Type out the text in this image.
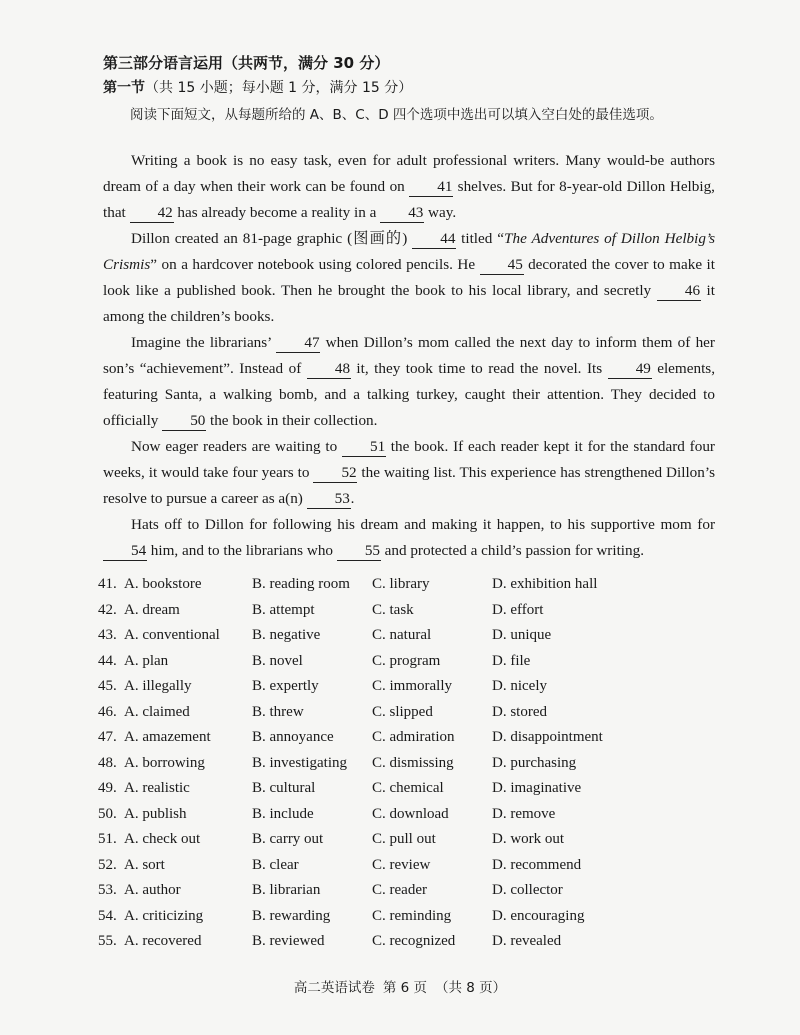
第三部分语言运用（共两节，满分 30 分）
第一节（共 15 小题；每小题 1 分，满分 15 分）
阅读下面短文，从每题所给的 A、B、C、D 四个选项中选出可以填入空白处的最佳选项。

Writing a book is no easy task, even for adult professional writers. Many would-be authors dream of a day when their work can be found on 41 shelves. But for 8-year-old Dillon Helbig, that 42 has already become a reality in a 43 way.

Dillon created an 81-page graphic (图画的) 44 titled “The Adventures of Dillon Helbig’s Crismis” on a hardcover notebook using colored pencils. He 45 decorated the cover to make it look like a published book. Then he brought the book to his local library, and secretly 46 it among the children’s books.

Imagine the librarians’ 47 when Dillon’s mom called the next day to inform them of her son’s “achievement”. Instead of 48 it, they took time to read the novel. Its 49 elements, featuring Santa, a walking bomb, and a talking turkey, caught their attention. They decided to officially 50 the book in their collection.

Now eager readers are waiting to 51 the book. If each reader kept it for the standard four weeks, it would take four years to 52 the waiting list. This experience has strengthened Dillon’s resolve to pursue a career as a(n) 53.

Hats off to Dillon for following his dream and making it happen, to his supportive mom for 54 him, and to the librarians who 55 and protected a child’s passion for writing.

41. A. bookstore	B. reading room	C. library	D. exhibition hall
42. A. dream	B. attempt	C. task	D. effort
43. A. conventional	B. negative	C. natural	D. unique
44. A. plan	B. novel	C. program	D. file
45. A. illegally	B. expertly	C. immorally	D. nicely
46. A. claimed	B. threw	C. slipped	D. stored
47. A. amazement	B. annoyance	C. admiration	D. disappointment
48. A. borrowing	B. investigating	C. dismissing	D. purchasing
49. A. realistic	B. cultural	C. chemical	D. imaginative
50. A. publish	B. include	C. download	D. remove
51. A. check out	B. carry out	C. pull out	D. work out
52. A. sort	B. clear	C. review	D. recommend
53. A. author	B. librarian	C. reader	D. collector
54. A. criticizing	B. rewarding	C. reminding	D. encouraging
55. A. recovered	B. reviewed	C. recognized	D. revealed
高二英语试卷 第 6 页 （共 8 页）
